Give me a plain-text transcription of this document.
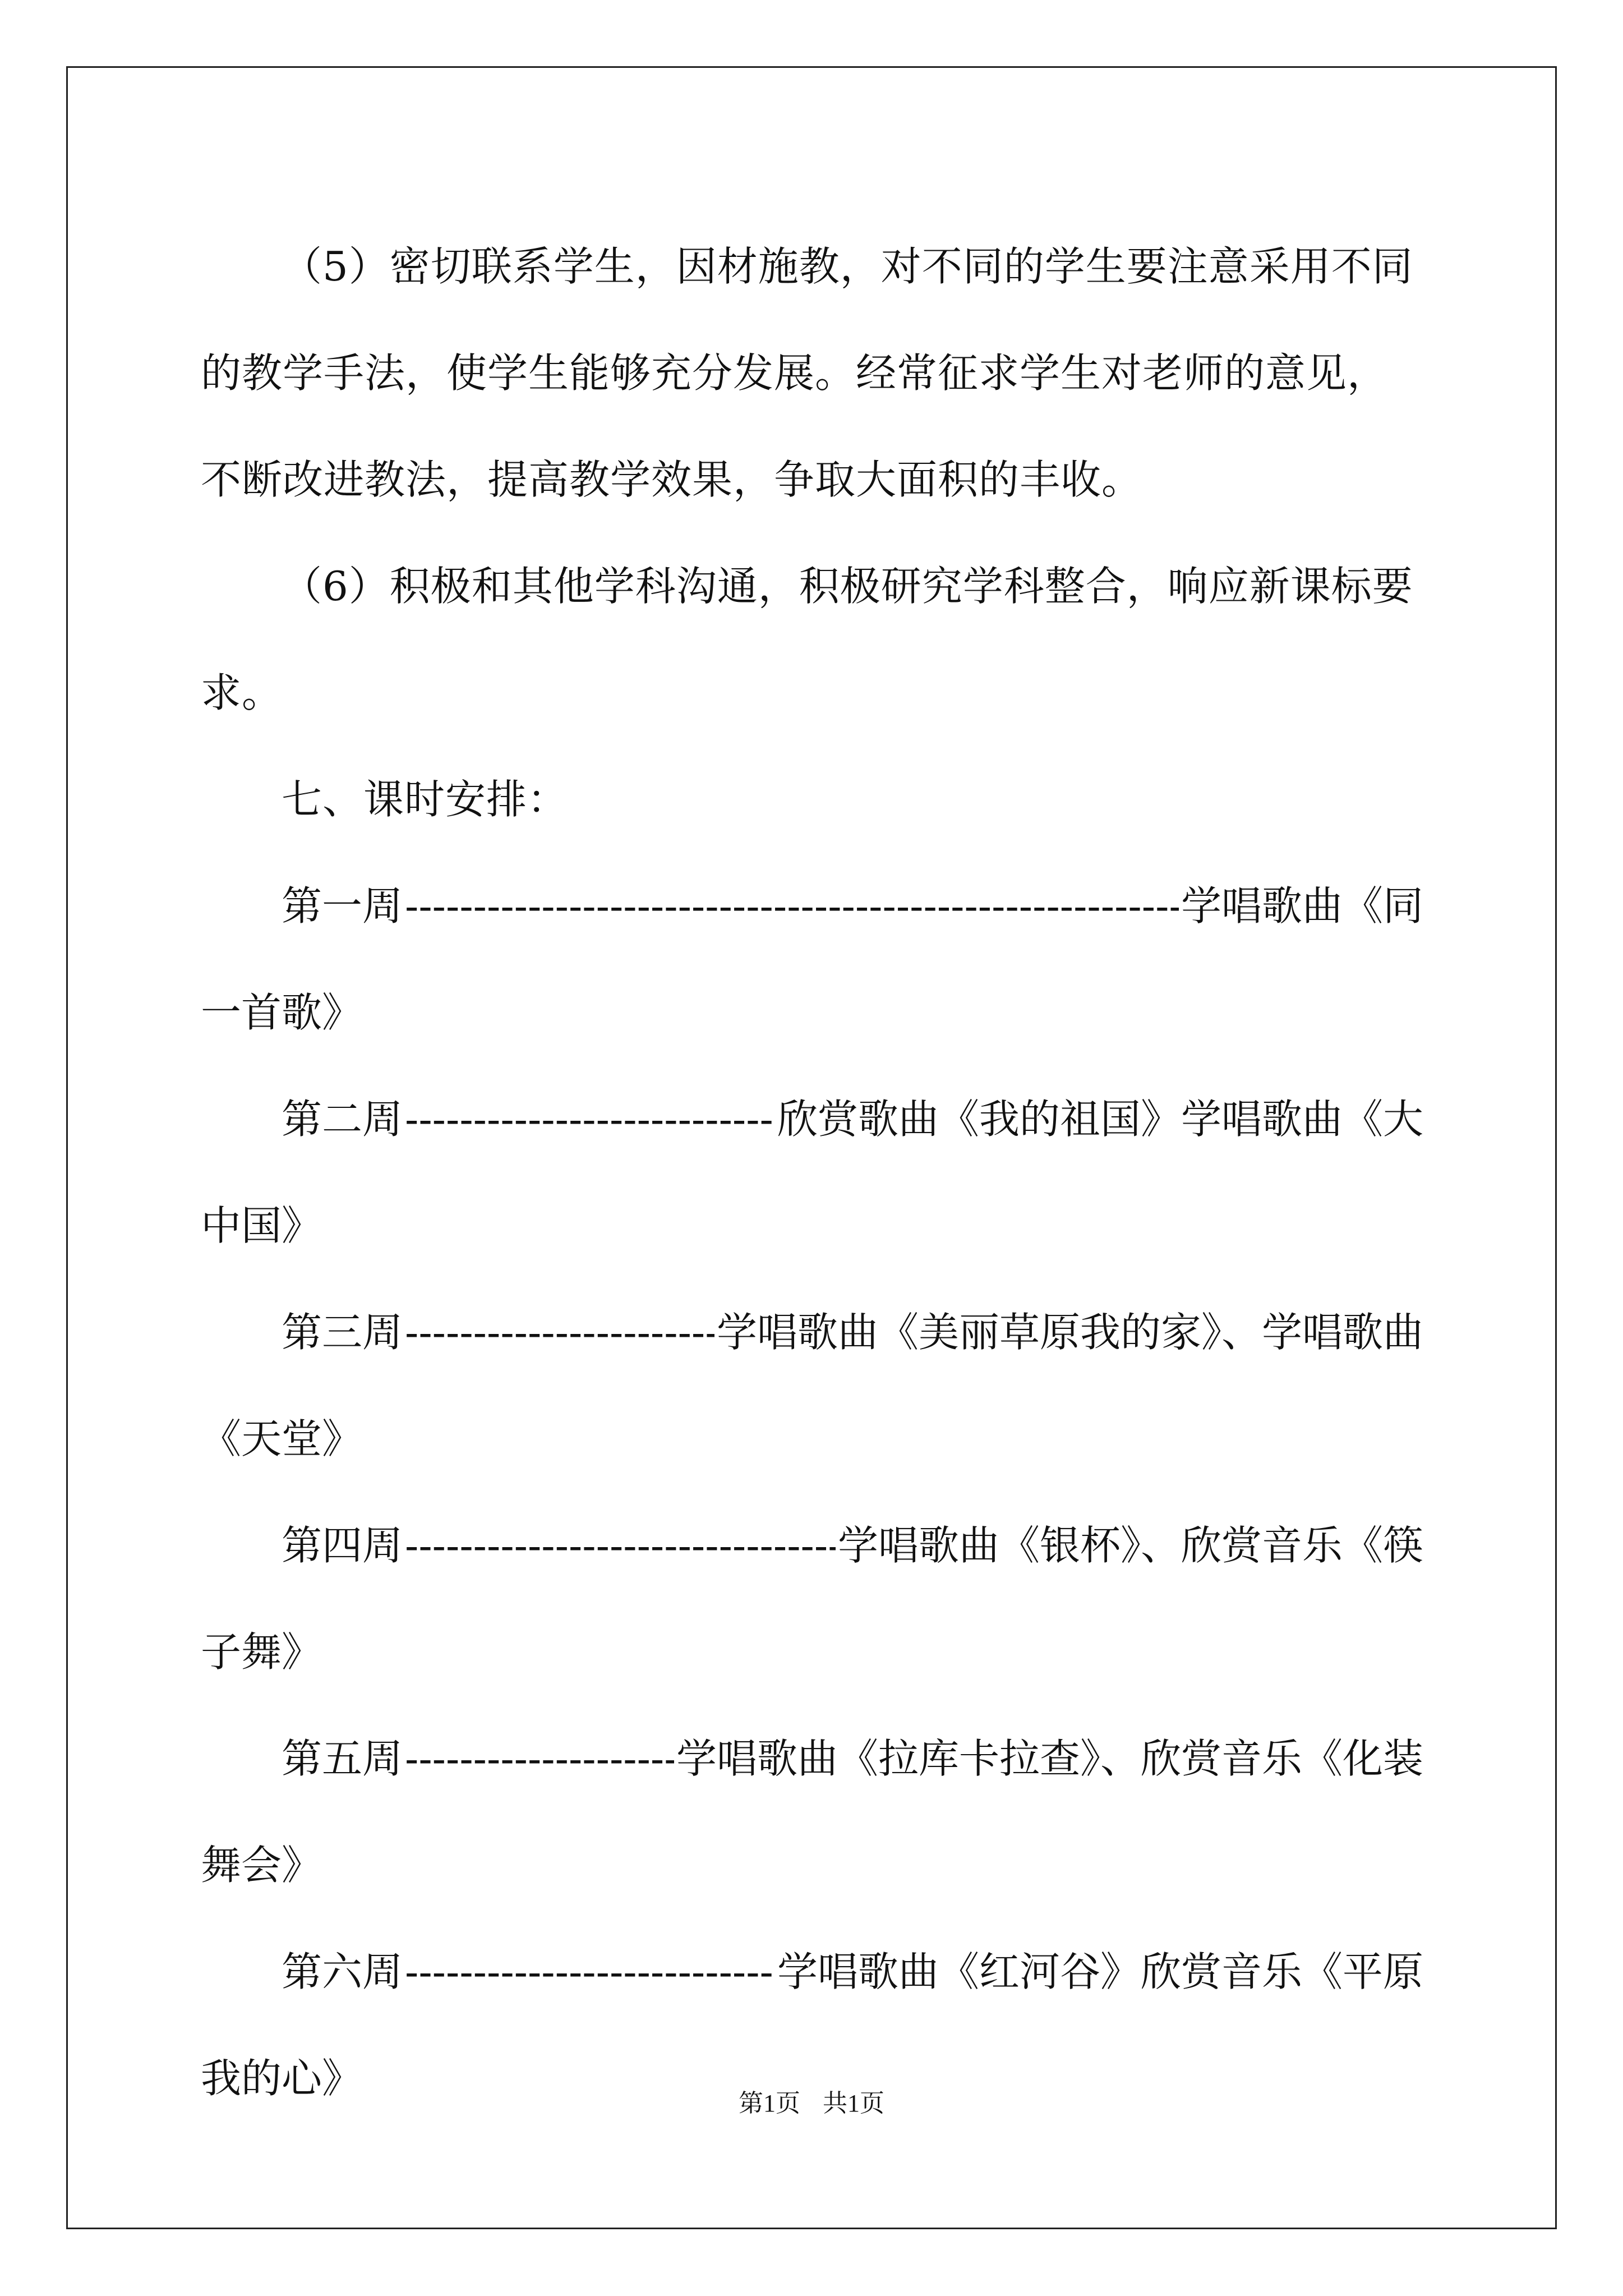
（5）密切联系学生，因材施教，对不同的学生要注意采用不同的教学手法，使学生能够充分发展。经常征求学生对老师的意见，不断改进教法，提高教学效果，争取大面积的丰收。

（6）积极和其他学科沟通，积极研究学科整合，响应新课标要求。

七、课时安排：

第一周 -----	学唱歌曲《同

一首歌》

第二周 -----	欣赏歌曲《我的祖国》学唱歌曲《大

中国》

第三周 -----	学唱歌曲《美丽草原我的家》、学唱歌曲

《天堂》

第四周 -----	学唱歌曲《银杯》、欣赏音乐《筷

子舞》

第五周 -----	学唱歌曲《拉库卡拉查》、欣赏音乐《化装

舞会》

第六周 -----	学唱歌曲《红河谷》欣赏音乐《平原

我的心》

第1页 共1页
